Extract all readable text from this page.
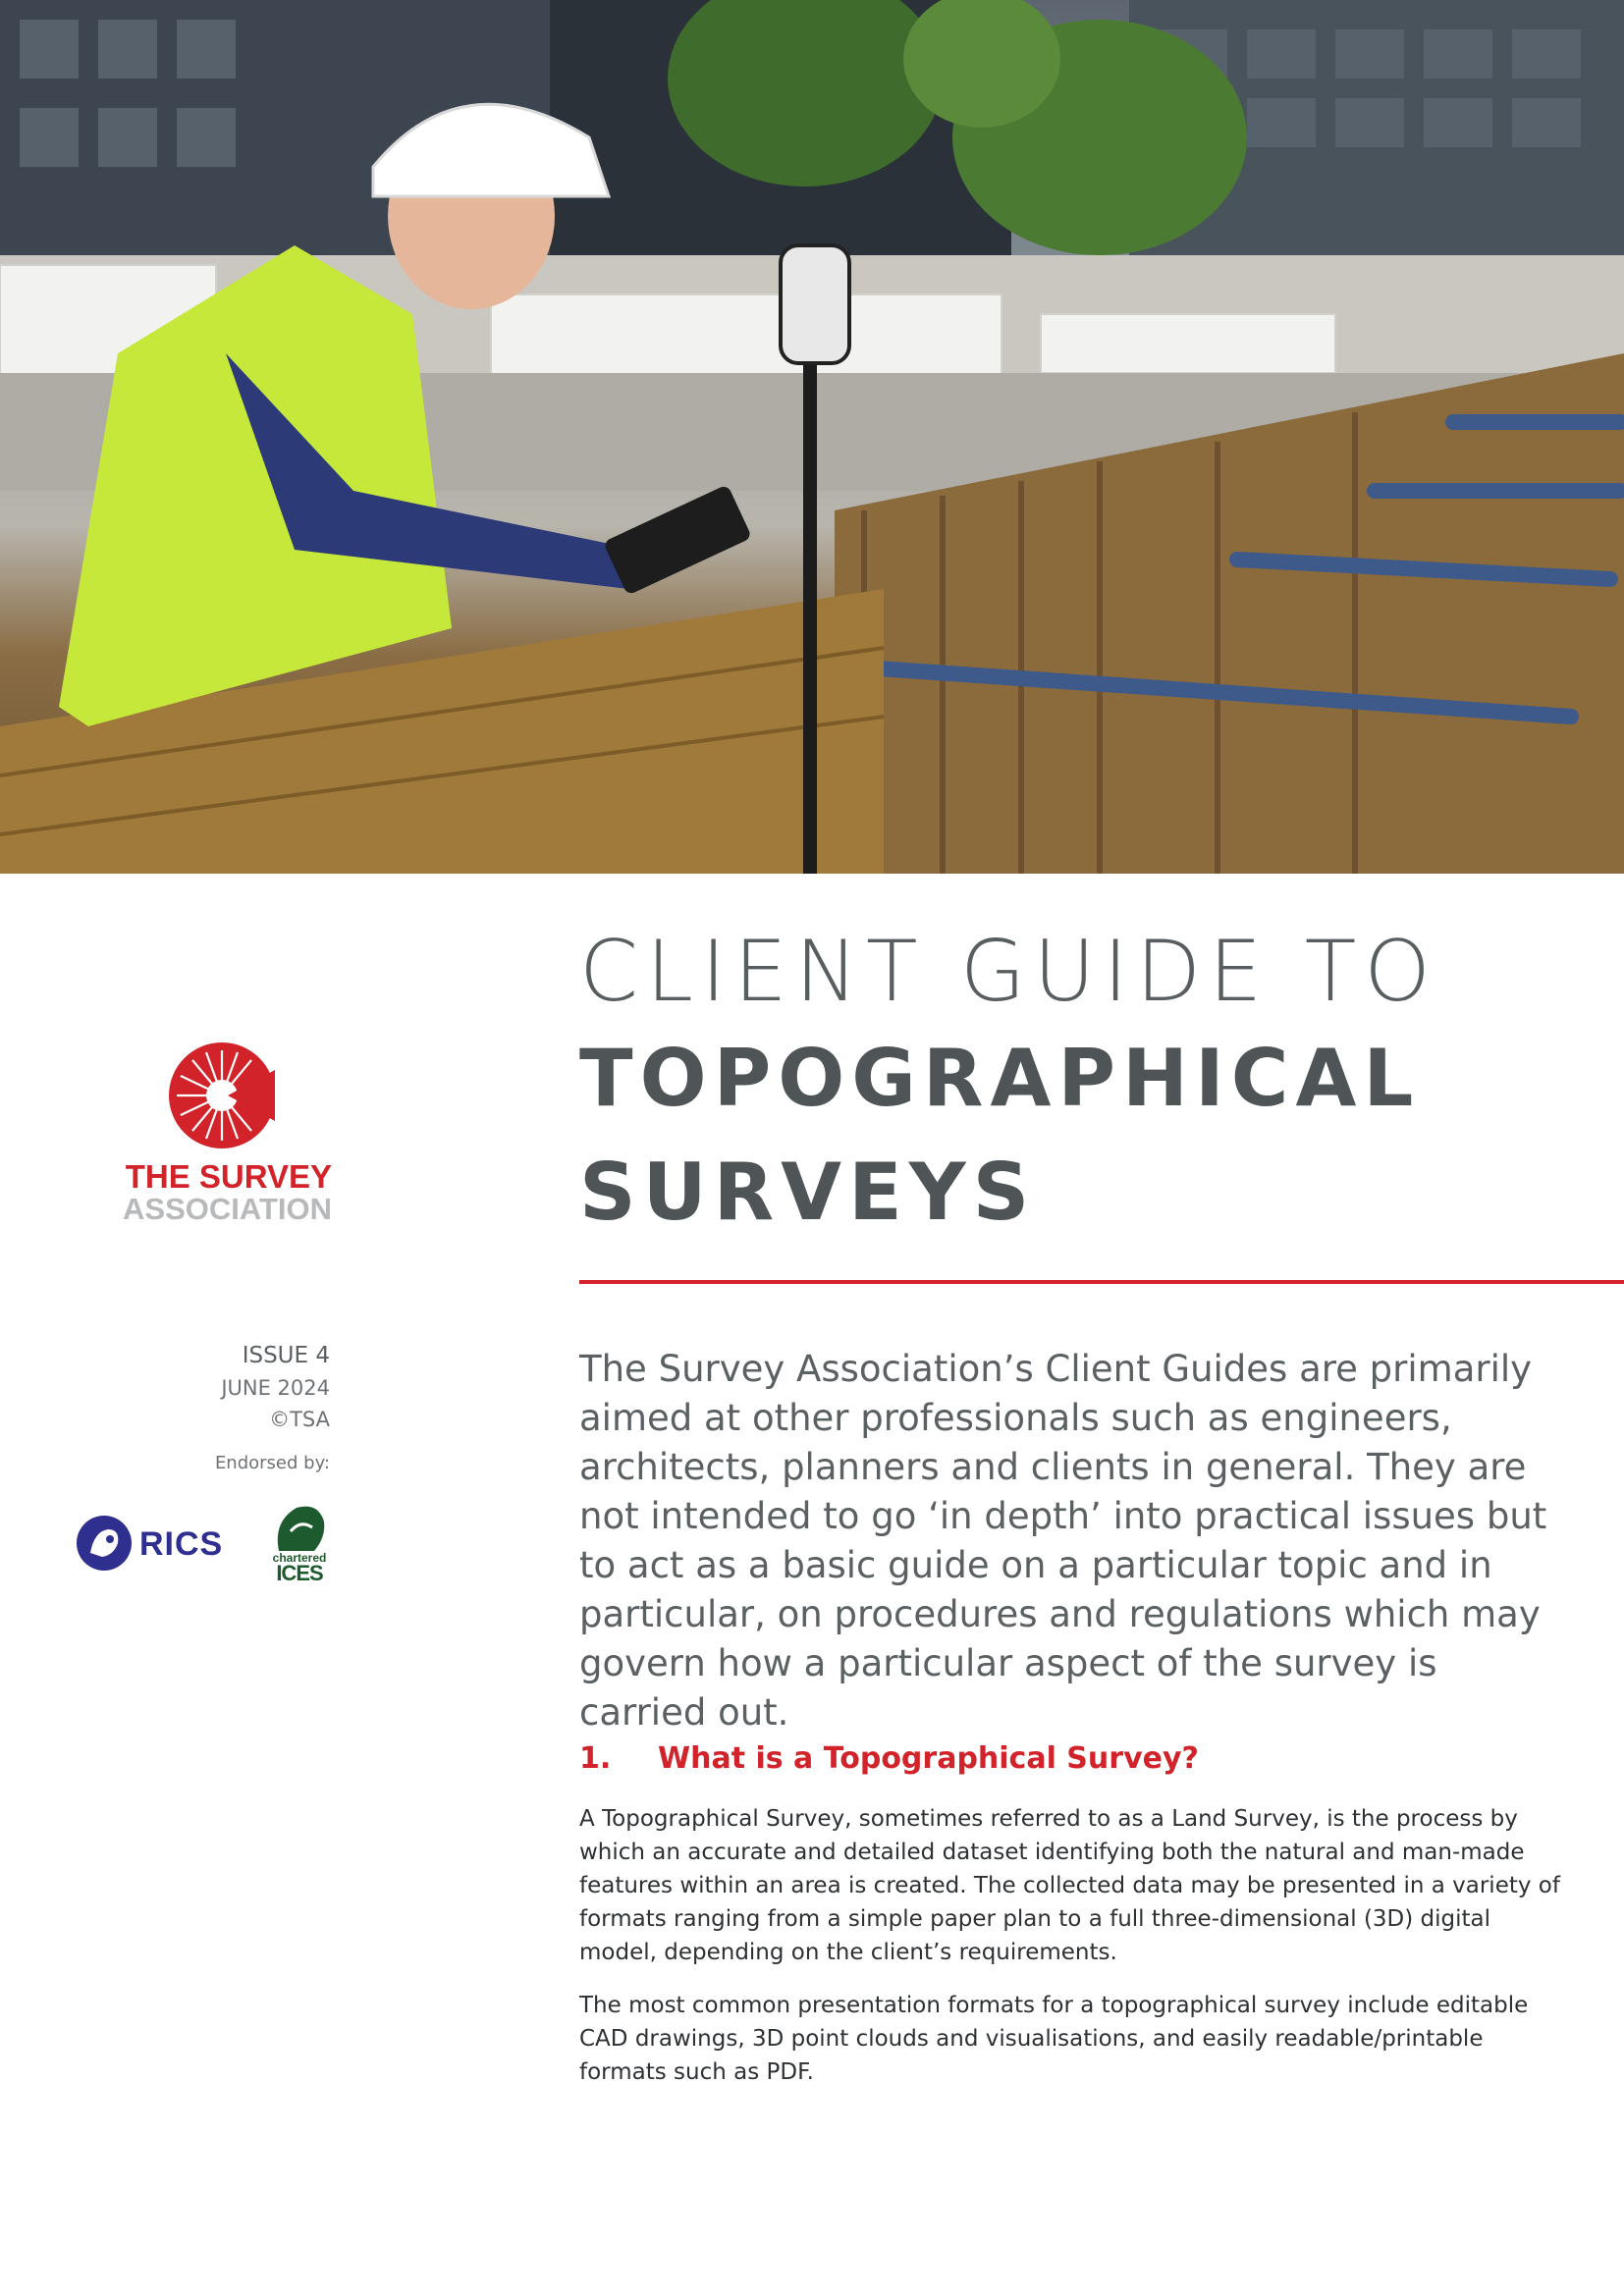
THE SURVEY
ASSOCIATION
ISSUE 4
JUNE 2024
©TSA
Endorsed by:
RICS	chartered
ICES
CLIENT GUIDE TO
TOPOGRAPHICAL
SURVEYS
The Survey Association’s Client Guides are primarily aimed at other professionals such as engineers, architects, planners and clients in general. They are not intended to go ‘in depth’ into practical issues but to act as a basic guide on a particular topic and in particular, on procedures and regulations which may govern how a particular aspect of the survey is carried out.
1. What is a Topographical Survey?

A Topographical Survey, sometimes referred to as a Land Survey, is the process by which an accurate and detailed dataset identifying both the natural and man-made features within an area is created. The collected data may be presented in a variety of formats ranging from a simple paper plan to a full three-dimensional (3D) digital model, depending on the client’s requirements.

The most common presentation formats for a topographical survey include editable CAD drawings, 3D point clouds and visualisations, and easily readable/printable formats such as PDF.
